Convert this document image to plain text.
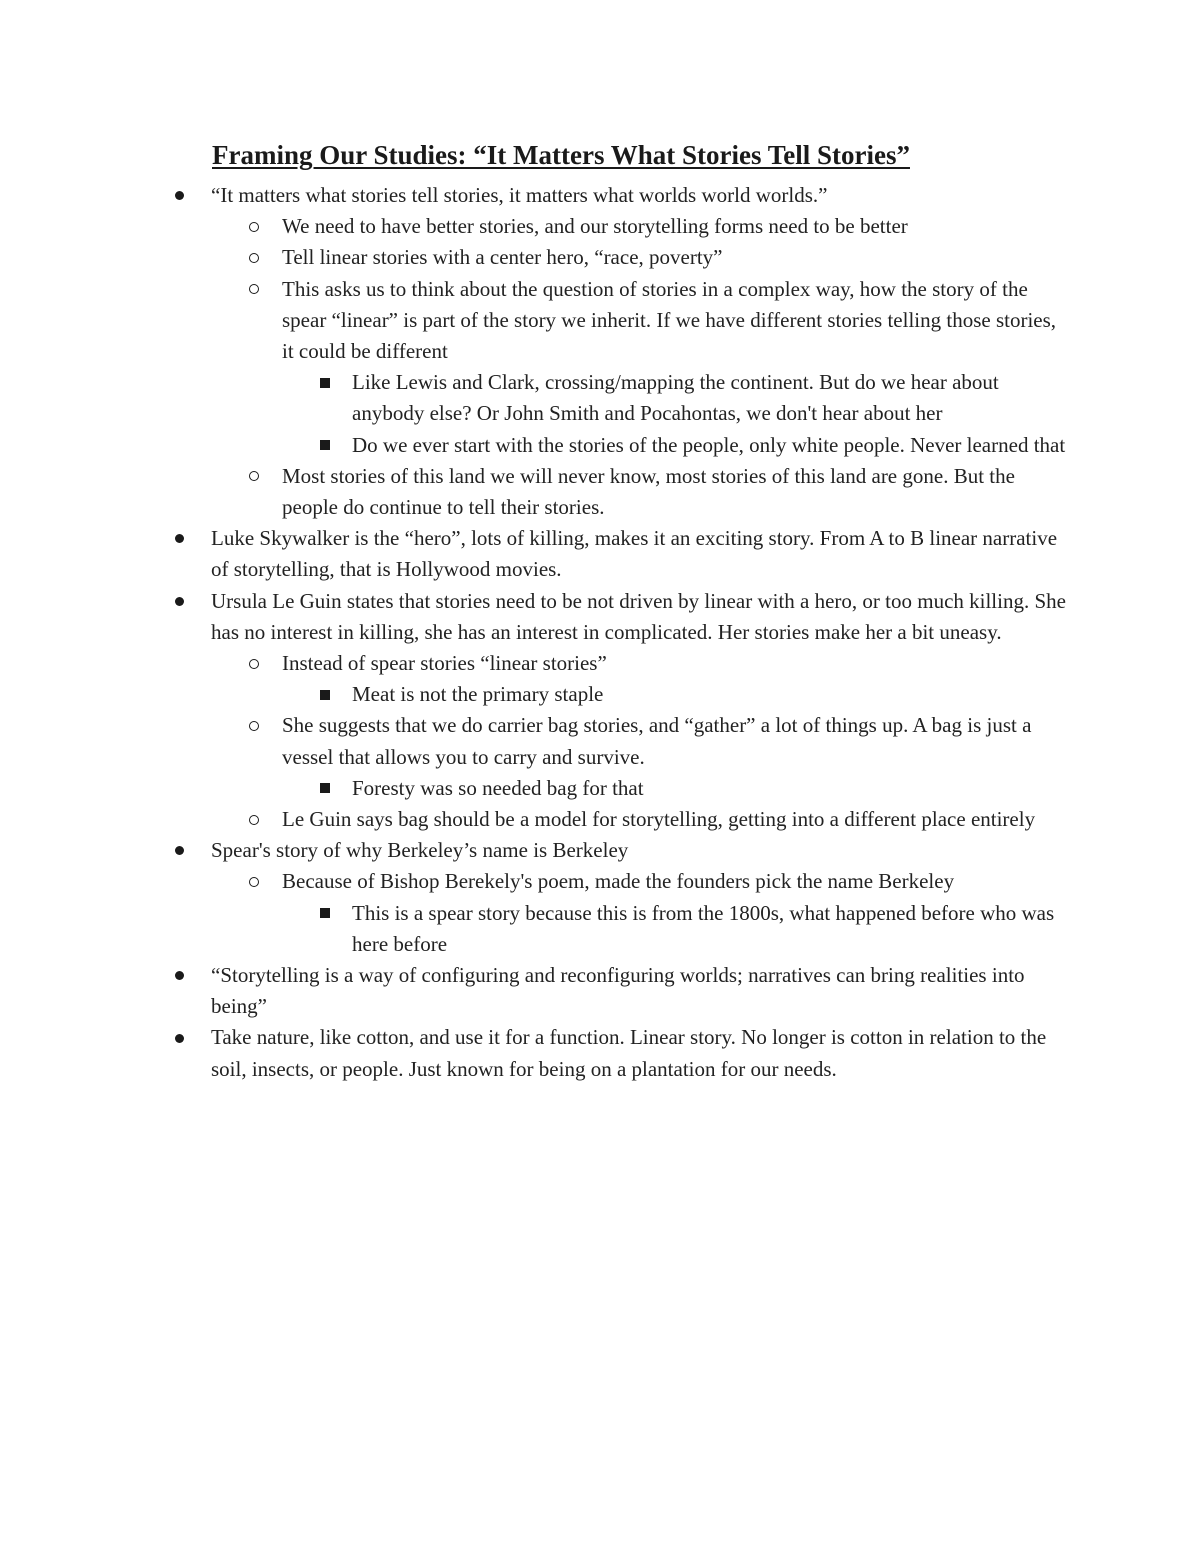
Framing Our Studies: “It Matters What Stories Tell Stories”
“It matters what stories tell stories, it matters what worlds world worlds.”
We need to have better stories, and our storytelling forms need to be better
Tell linear stories with a center hero, “race, poverty”
This asks us to think about the question of stories in a complex way, how the story of the spear “linear” is part of the story we inherit. If we have different stories telling those stories, it could be different
Like Lewis and Clark, crossing/mapping the continent. But do we hear about anybody else? Or John Smith and Pocahontas, we don't hear about her
Do we ever start with the stories of the people, only white people. Never learned that
Most stories of this land we will never know, most stories of this land are gone. But the people do continue to tell their stories.
Luke Skywalker is the “hero”, lots of killing, makes it an exciting story. From A to B linear narrative of storytelling, that is Hollywood movies.
Ursula Le Guin states that stories need to be not driven by linear with a hero, or too much killing. She has no interest in killing, she has an interest in complicated. Her stories make her a bit uneasy.
Instead of spear stories “linear stories”
Meat is not the primary staple
She suggests that we do carrier bag stories, and “gather” a lot of things up. A bag is just a vessel that allows you to carry and survive.
Foresty was so needed bag for that
Le Guin says bag should be a model for storytelling, getting into a different place entirely
Spear's story of why Berkeley’s name is Berkeley
Because of Bishop Berekely's poem, made the founders pick the name Berkeley
This is a spear story because this is from the 1800s, what happened before who was here before
“Storytelling is a way of configuring and reconfiguring worlds; narratives can bring realities into being”
Take nature, like cotton, and use it for a function. Linear story. No longer is cotton in relation to the soil, insects, or people. Just known for being on a plantation for our needs.
